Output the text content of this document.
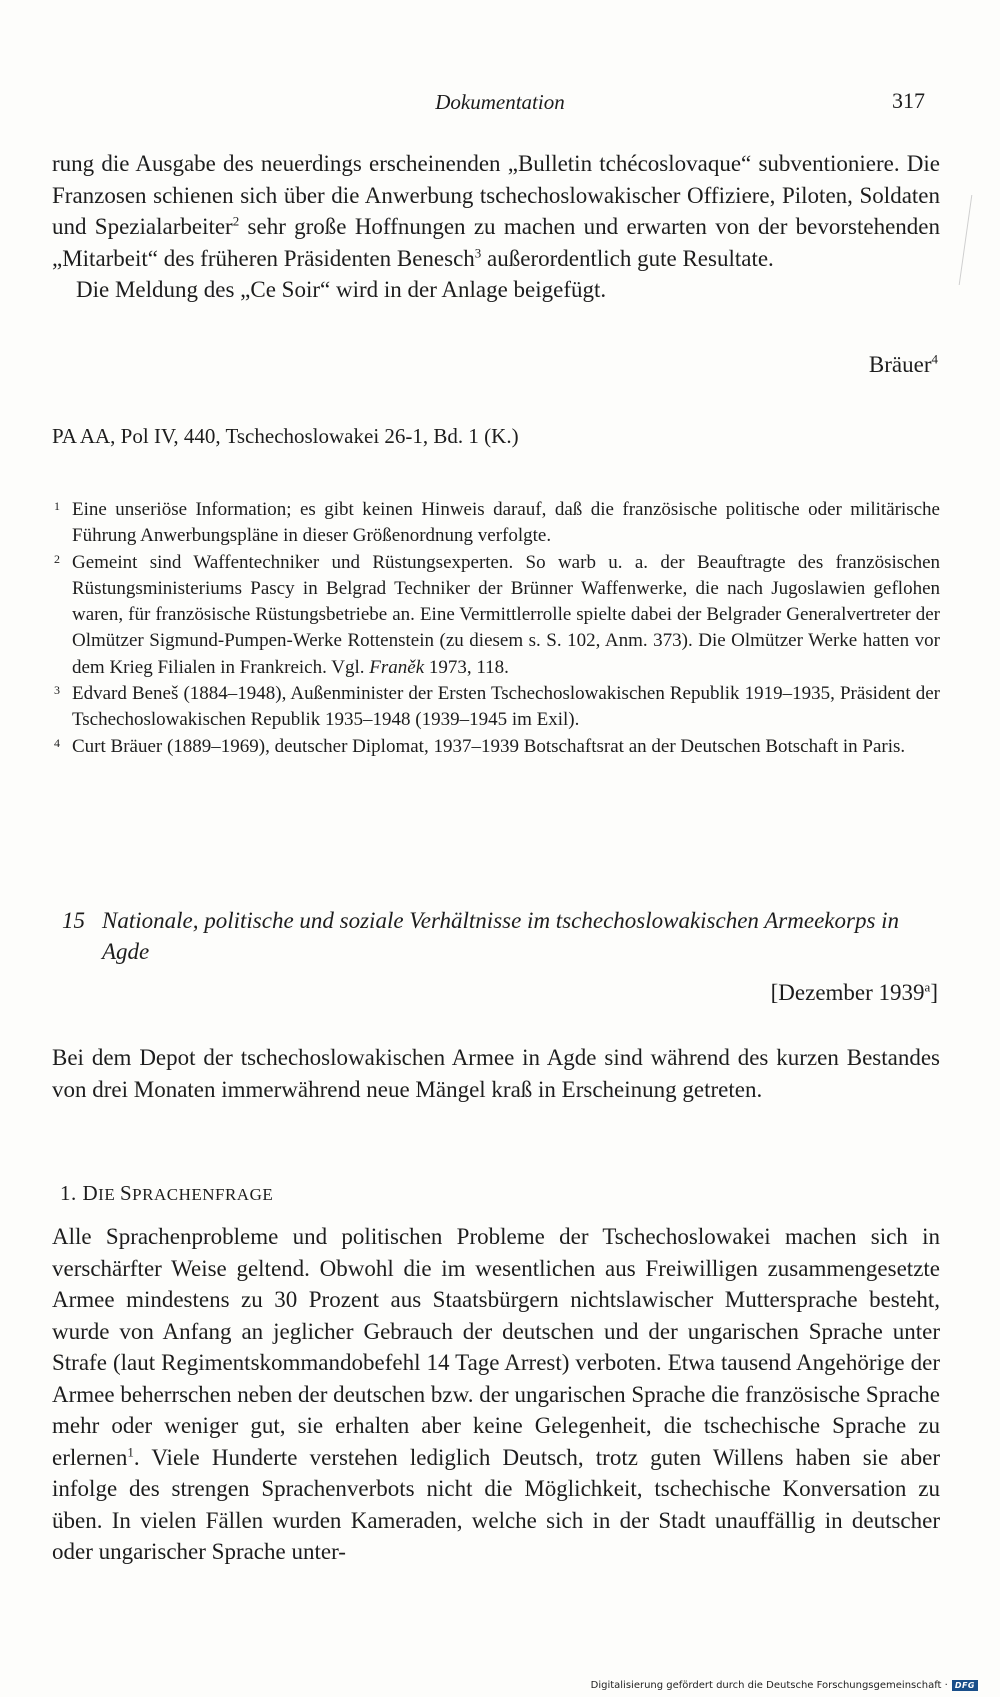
Dokumentation	317

rung die Ausgabe des neuerdings erscheinenden „Bulletin tchécoslovaque“ subventioniere. Die Franzosen schienen sich über die Anwerbung tschechoslowakischer Offiziere, Piloten, Soldaten und Spezialarbeiter$^2$ sehr große Hoffnungen zu machen und erwarten von der bevorstehenden „Mitarbeit“ des früheren Präsidenten Benesch$^3$ außerordentlich gute Resultate.

Die Meldung des „Ce Soir“ wird in der Anlage beigefügt.

Bräuer$^4$
PA AA, Pol IV, 440, Tschechoslowakei 26-1, Bd. 1 (K.)
1 Eine unseriöse Information; es gibt keinen Hinweis darauf, daß die französische politische oder militärische Führung Anwerbungspläne in dieser Größenordnung verfolgte.
2 Gemeint sind Waffentechniker und Rüstungsexperten. So warb u. a. der Beauftragte des französischen Rüstungsministeriums Pascy in Belgrad Techniker der Brünner Waffenwerke, die nach Jugoslawien geflohen waren, für französische Rüstungsbetriebe an. Eine Vermittlerrolle spielte dabei der Belgrader Generalvertreter der Olmützer Sigmund-Pumpen-Werke Rottenstein (zu diesem s. S. 102, Anm. 373). Die Olmützer Werke hatten vor dem Krieg Filialen in Frankreich. Vgl. Franěk 1973, 118.
3 Edvard Beneš (1884–1948), Außenminister der Ersten Tschechoslowakischen Republik 1919–1935, Präsident der Tschechoslowakischen Republik 1935–1948 (1939–1945 im Exil).
4 Curt Bräuer (1889–1969), deutscher Diplomat, 1937–1939 Botschaftsrat an der Deutschen Botschaft in Paris.
15 Nationale, politische und soziale Verhältnisse im tschechoslowakischen Armeekorps in Agde
[Dezember 1939$^a$]

Bei dem Depot der tschechoslowakischen Armee in Agde sind während des kurzen Bestandes von drei Monaten immerwährend neue Mängel kraß in Erscheinung getreten.

1. DIE SPRACHENFRAGE

Alle Sprachenprobleme und politischen Probleme der Tschechoslowakei machen sich in verschärfter Weise geltend. Obwohl die im wesentlichen aus Freiwilligen zusammengesetzte Armee mindestens zu 30 Prozent aus Staatsbürgern nichtslawischer Muttersprache besteht, wurde von Anfang an jeglicher Gebrauch der deutschen und der ungarischen Sprache unter Strafe (laut Regimentskommandobefehl 14 Tage Arrest) verboten. Etwa tausend Angehörige der Armee beherrschen neben der deutschen bzw. der ungarischen Sprache die französische Sprache mehr oder weniger gut, sie erhalten aber keine Gelegenheit, die tschechische Sprache zu erlernen$^1$. Viele Hunderte verstehen lediglich Deutsch, trotz guten Willens haben sie aber infolge des strengen Sprachenverbots nicht die Möglichkeit, tschechische Konversation zu üben. In vielen Fällen wurden Kameraden, welche sich in der Stadt unauffällig in deutscher oder ungarischer Sprache unter-

Digitalisierung gefördert durch die Deutsche Forschungsgemeinschaft · DFG
